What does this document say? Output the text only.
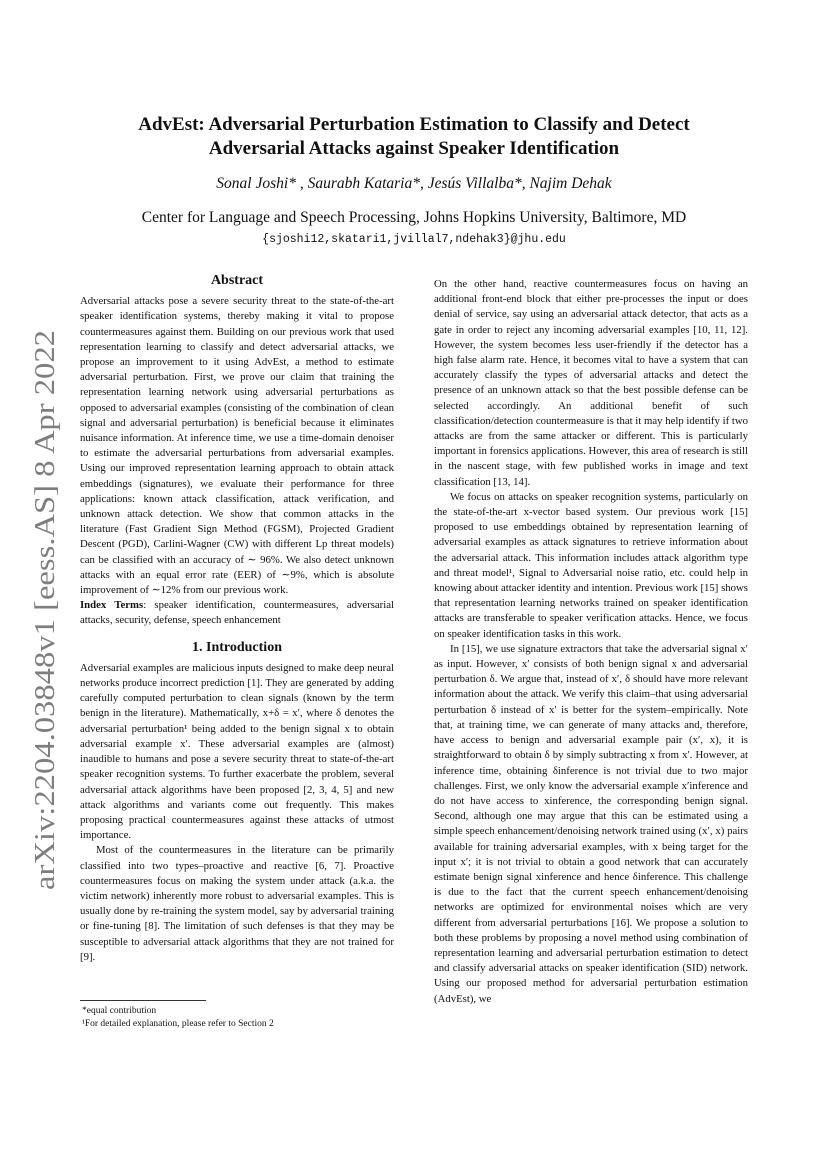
arXiv:2204.03848v1 [eess.AS] 8 Apr 2022
AdvEst: Adversarial Perturbation Estimation to Classify and Detect
Adversarial Attacks against Speaker Identification
Sonal Joshi* , Saurabh Kataria*, Jesús Villalba*, Najim Dehak
Center for Language and Speech Processing, Johns Hopkins University, Baltimore, MD
{sjoshi12,skatari1,jvillal7,ndehak3}@jhu.edu
Abstract

Adversarial attacks pose a severe security threat to the state-of-the-art speaker identification systems, thereby making it vital to propose countermeasures against them. Building on our previous work that used representation learning to classify and detect adversarial attacks, we propose an improvement to it using AdvEst, a method to estimate adversarial perturbation. First, we prove our claim that training the representation learning network using adversarial perturbations as opposed to adversarial examples (consisting of the combination of clean signal and adversarial perturbation) is beneficial because it eliminates nuisance information. At inference time, we use a time-domain denoiser to estimate the adversarial perturbations from adversarial examples. Using our improved representation learning approach to obtain attack embeddings (signatures), we evaluate their performance for three applications: known attack classification, attack verification, and unknown attack detection. We show that common attacks in the literature (Fast Gradient Sign Method (FGSM), Projected Gradient Descent (PGD), Carlini-Wagner (CW) with different Lp threat models) can be classified with an accuracy of ∼ 96%. We also detect unknown attacks with an equal error rate (EER) of ∼9%, which is absolute improvement of ∼12% from our previous work.

Index Terms: speaker identification, countermeasures, adversarial attacks, security, defense, speech enhancement

1. Introduction

Adversarial examples are malicious inputs designed to make deep neural networks produce incorrect prediction [1]. They are generated by adding carefully computed perturbation to clean signals (known by the term benign in the literature). Mathematically, x+δ = x′, where δ denotes the adversarial perturbation¹ being added to the benign signal x to obtain adversarial example x′. These adversarial examples are (almost) inaudible to humans and pose a severe security threat to state-of-the-art speaker recognition systems. To further exacerbate the problem, several adversarial attack algorithms have been proposed [2, 3, 4, 5] and new attack algorithms and variants come out frequently. This makes proposing practical countermeasures against these attacks of utmost importance.

Most of the countermeasures in the literature can be primarily classified into two types–proactive and reactive [6, 7]. Proactive countermeasures focus on making the system under attack (a.k.a. the victim network) inherently more robust to adversarial examples. This is usually done by re-training the system model, say by adversarial training or fine-tuning [8]. The limitation of such defenses is that they may be susceptible to adversarial attack algorithms that they are not trained for [9].

*equal contribution
¹For detailed explanation, please refer to Section 2

On the other hand, reactive countermeasures focus on having an additional front-end block that either pre-processes the input or does denial of service, say using an adversarial attack detector, that acts as a gate in order to reject any incoming adversarial examples [10, 11, 12]. However, the system becomes less user-friendly if the detector has a high false alarm rate. Hence, it becomes vital to have a system that can accurately classify the types of adversarial attacks and detect the presence of an unknown attack so that the best possible defense can be selected accordingly. An additional benefit of such classification/detection countermeasure is that it may help identify if two attacks are from the same attacker or different. This is particularly important in forensics applications. However, this area of research is still in the nascent stage, with few published works in image and text classification [13, 14].

We focus on attacks on speaker recognition systems, particularly on the state-of-the-art x-vector based system. Our previous work [15] proposed to use embeddings obtained by representation learning of adversarial examples as attack signatures to retrieve information about the adversarial attack. This information includes attack algorithm type and threat model¹, Signal to Adversarial noise ratio, etc. could help in knowing about attacker identity and intention. Previous work [15] shows that representation learning networks trained on speaker identification attacks are transferable to speaker verification attacks. Hence, we focus on speaker identification tasks in this work.

In [15], we use signature extractors that take the adversarial signal x′ as input. However, x′ consists of both benign signal x and adversarial perturbation δ. We argue that, instead of x′, δ should have more relevant information about the attack. We verify this claim–that using adversarial perturbation δ instead of x′ is better for the system–empirically. Note that, at training time, we can generate of many attacks and, therefore, have access to benign and adversarial example pair (x′, x), it is straightforward to obtain δ by simply subtracting x from x′. However, at inference time, obtaining δinference is not trivial due to two major challenges. First, we only know the adversarial example x′inference and do not have access to xinference, the corresponding benign signal. Second, although one may argue that this can be estimated using a simple speech enhancement/denoising network trained using (x′, x) pairs available for training adversarial examples, with x being target for the input x′; it is not trivial to obtain a good network that can accurately estimate benign signal xinference and hence δinference. This challenge is due to the fact that the current speech enhancement/denoising networks are optimized for environmental noises which are very different from adversarial perturbations [16]. We propose a solution to both these problems by proposing a novel method using combination of representation learning and adversarial perturbation estimation to detect and classify adversarial attacks on speaker identification (SID) network. Using our proposed method for adversarial perturbation estimation (AdvEst), we
